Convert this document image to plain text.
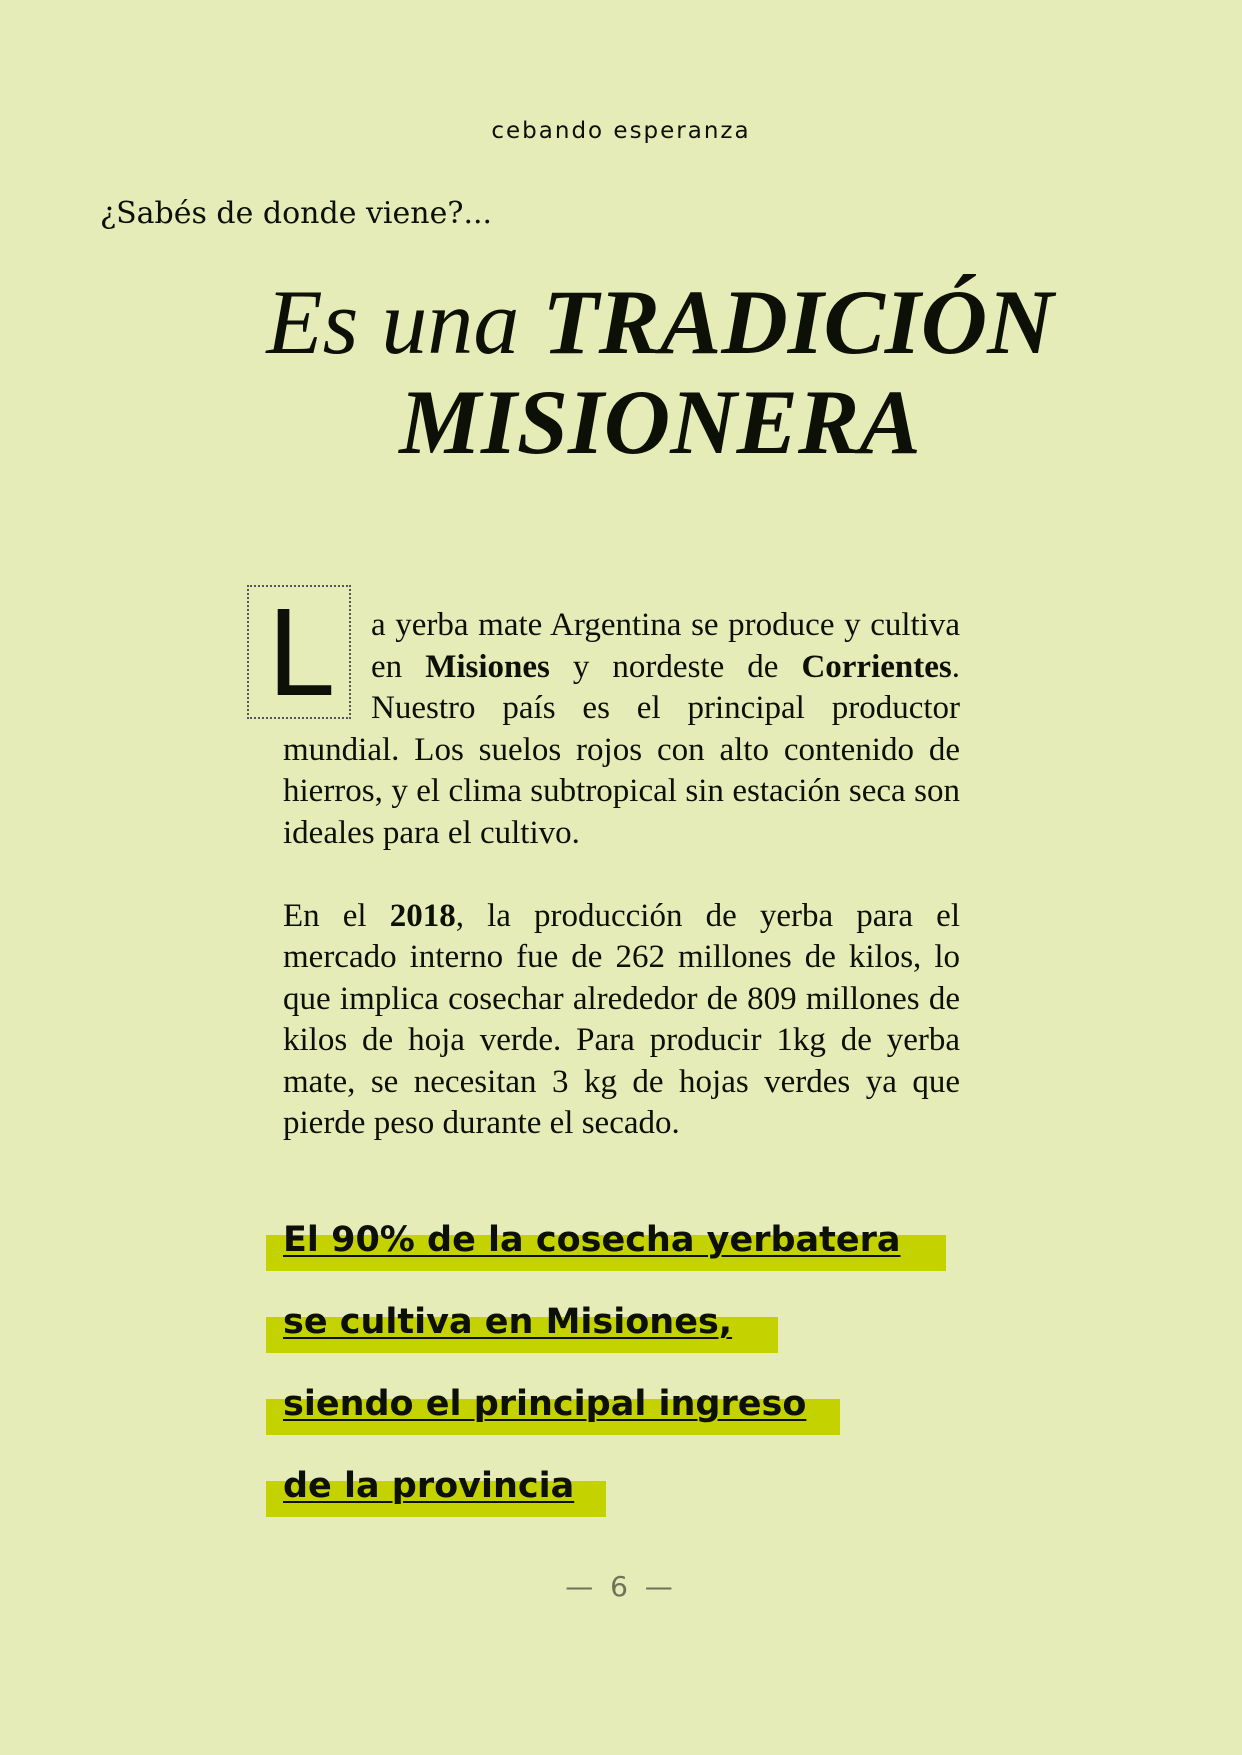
cebando esperanza
¿Sabés de donde viene?...
Es una TRADICIÓN
MISIONERA

L	a yerba mate Argentina se produce y cultiva en Misiones y nordeste de Corrientes. Nuestro país es el principal productor mundial. Los suelos rojos con alto contenido de hierros, y el clima subtropical sin estación seca son ideales para el cultivo.

En el 2018, la producción de yerba para el mercado interno fue de 262 millones de kilos, lo que implica cosechar alrededor de 809 millones de kilos de hoja verde. Para producir 1kg de yerba mate, se necesitan 3 kg de hojas verdes ya que pierde peso durante el secado.

El 90% de la cosecha yerbatera
se cultiva en Misiones,
siendo el principal ingreso
de la provincia
— 6 —
